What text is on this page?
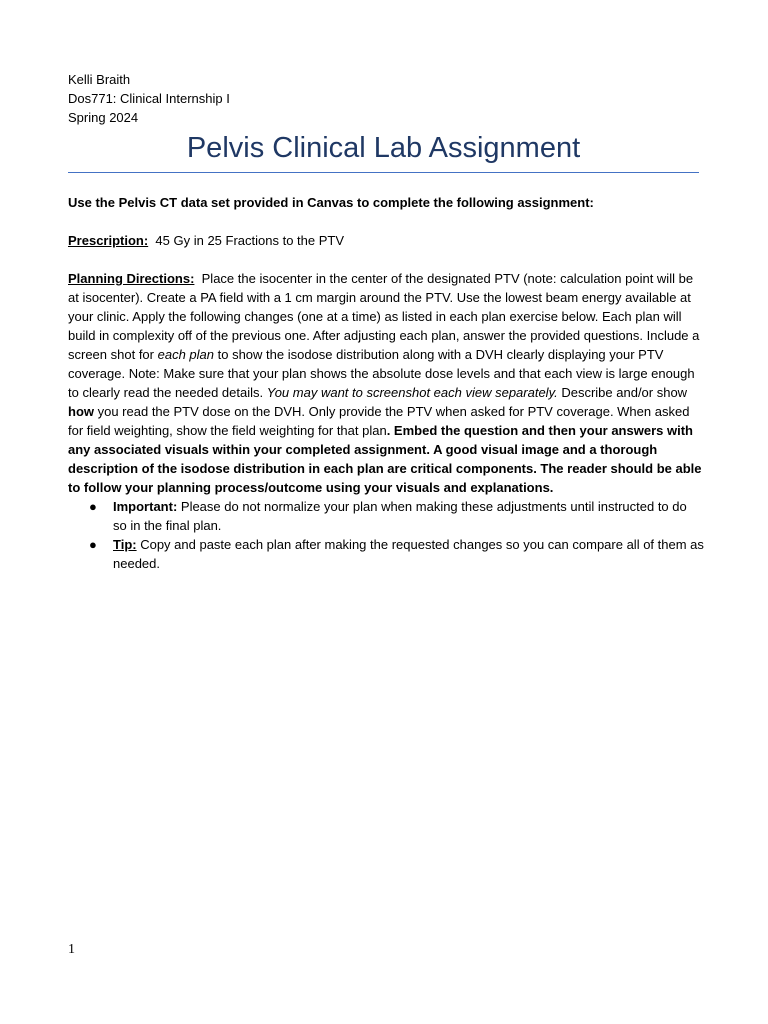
Kelli Braith
Dos771: Clinical Internship I
Spring 2024
Pelvis Clinical Lab Assignment

Use the Pelvis CT data set provided in Canvas to complete the following assignment:

Prescription: 45 Gy in 25 Fractions to the PTV

Planning Directions: Place the isocenter in the center of the designated PTV (note: calculation point will be at isocenter). Create a PA field with a 1 cm margin around the PTV. Use the lowest beam energy available at your clinic. Apply the following changes (one at a time) as listed in each plan exercise below. Each plan will build in complexity off of the previous one. After adjusting each plan, answer the provided questions. Include a screen shot for each plan to show the isodose distribution along with a DVH clearly displaying your PTV coverage. Note: Make sure that your plan shows the absolute dose levels and that each view is large enough to clearly read the needed details. You may want to screenshot each view separately. Describe and/or show how you read the PTV dose on the DVH. Only provide the PTV when asked for PTV coverage. When asked for field weighting, show the field weighting for that plan. Embed the question and then your answers with any associated visuals within your completed assignment. A good visual image and a thorough description of the isodose distribution in each plan are critical components. The reader should be able to follow your planning process/outcome using your visuals and explanations.

● Important: Please do not normalize your plan when making these adjustments until instructed to do so in the final plan.
● Tip: Copy and paste each plan after making the requested changes so you can compare all of them as needed.
1
